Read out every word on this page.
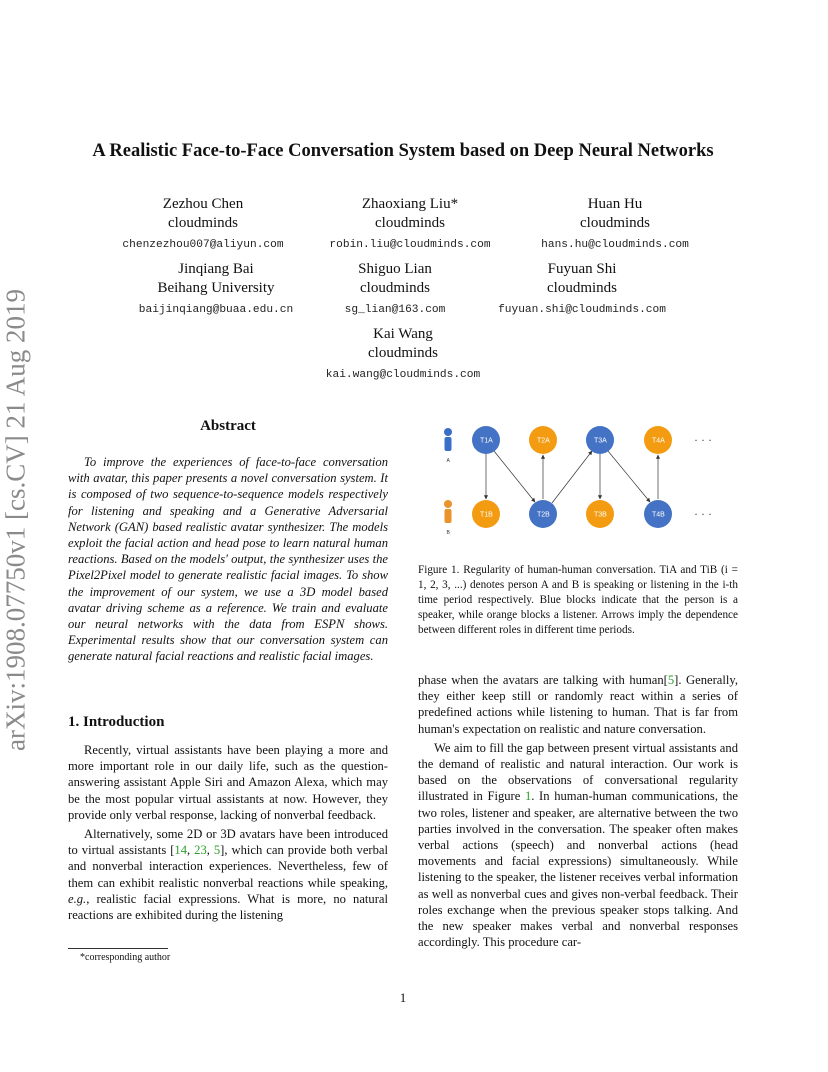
arXiv:1908.07750v1 [cs.CV] 21 Aug 2019
A Realistic Face-to-Face Conversation System based on Deep Neural Networks
Zezhou Chen
cloudminds
chenzezhou007@aliyun.com
Zhaoxiang Liu*
cloudminds
robin.liu@cloudminds.com
Huan Hu
cloudminds
hans.hu@cloudminds.com
Jinqiang Bai
Beihang University
baijinqiang@buaa.edu.cn
Shiguo Lian
cloudminds
sg_lian@163.com
Fuyuan Shi
cloudminds
fuyuan.shi@cloudminds.com
Kai Wang
cloudminds
kai.wang@cloudminds.com
Abstract
To improve the experiences of face-to-face conversation with avatar, this paper presents a novel conversation system. It is composed of two sequence-to-sequence models respectively for listening and speaking and a Generative Adversarial Network (GAN) based realistic avatar synthesizer. The models exploit the facial action and head pose to learn natural human reactions. Based on the models' output, the synthesizer uses the Pixel2Pixel model to generate realistic facial images. To show the improvement of our system, we use a 3D model based avatar driving scheme as a reference. We train and evaluate our neural networks with the data from ESPN shows. Experimental results show that our conversation system can generate natural facial reactions and realistic facial images.
1. Introduction

Recently, virtual assistants have been playing a more and more important role in our daily life, such as the question-answering assistant Apple Siri and Amazon Alexa, which may be the most popular virtual assistants at now. However, they provide only verbal response, lacking of nonverbal feedback.

Alternatively, some 2D or 3D avatars have been introduced to virtual assistants [14, 23, 5], which can provide both verbal and nonverbal interaction experiences. Nevertheless, few of them can exhibit realistic nonverbal reactions while speaking, e.g., realistic facial expressions. What is more, no natural reactions are exhibited during the listening

*corresponding author
A
B
T1A	T2A	T3A	T4A · · ·
T1B	T2B	T3B	T4B · · ·
Figure 1. Regularity of human-human conversation. TiA and TiB (i = 1, 2, 3, ...) denotes person A and B is speaking or listening in the i-th time period respectively. Blue blocks indicate that the person is a speaker, while orange blocks a listener. Arrows imply the dependence between different roles in different time periods.

phase when the avatars are talking with human[5]. Generally, they either keep still or randomly react within a series of predefined actions while listening to human. That is far from human's expectation on realistic and nature conversation.

We aim to fill the gap between present virtual assistants and the demand of realistic and natural interaction. Our work is based on the observations of conversational regularity illustrated in Figure 1. In human-human communications, the two roles, listener and speaker, are alternative between the two parties involved in the conversation. The speaker often makes verbal actions (speech) and nonverbal actions (head movements and facial expressions) simultaneously. While listening to the speaker, the listener receives verbal information as well as nonverbal cues and gives non-verbal feedback. Their roles exchange when the previous speaker stops talking. And the new speaker makes verbal and nonverbal responses accordingly. This procedure car-

1
